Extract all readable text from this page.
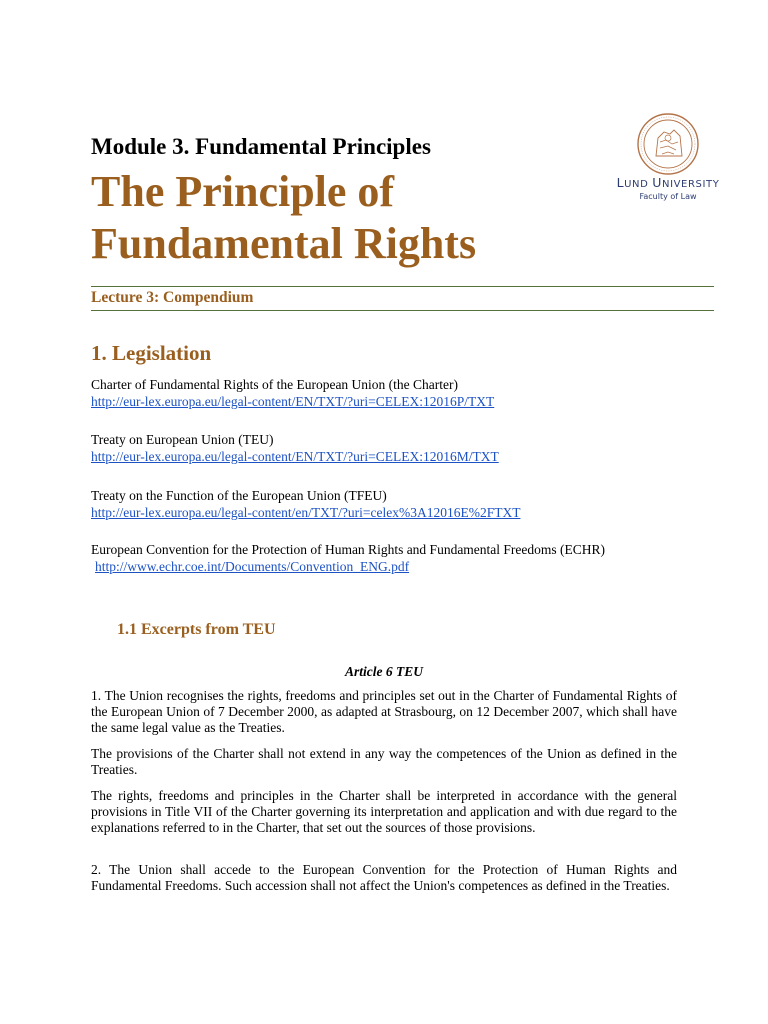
Module 3. Fundamental Principles
The Principle of
Fundamental Rights
LUND UNIVERSITY
Faculty of Law
Lecture 3: Compendium
1. Legislation
Charter of Fundamental Rights of the European Union (the Charter)
http://eur-lex.europa.eu/legal-content/EN/TXT/?uri=CELEX:12016P/TXT
Treaty on European Union (TEU)
http://eur-lex.europa.eu/legal-content/EN/TXT/?uri=CELEX:12016M/TXT
Treaty on the Function of the European Union (TFEU)
http://eur-lex.europa.eu/legal-content/en/TXT/?uri=celex%3A12016E%2FTXT
European Convention for the Protection of Human Rights and Fundamental Freedoms (ECHR)
http://www.echr.coe.int/Documents/Convention_ENG.pdf
1.1 Excerpts from TEU
Article 6 TEU
1. The Union recognises the rights, freedoms and principles set out in the Charter of Fundamental Rights of the European Union of 7 December 2000, as adapted at Strasbourg, on 12 December 2007, which shall have the same legal value as the Treaties.
The provisions of the Charter shall not extend in any way the competences of the Union as defined in the Treaties.
The rights, freedoms and principles in the Charter shall be interpreted in accordance with the general provisions in Title VII of the Charter governing its interpretation and application and with due regard to the explanations referred to in the Charter, that set out the sources of those provisions.
2. The Union shall accede to the European Convention for the Protection of Human Rights and Fundamental Freedoms. Such accession shall not affect the Union's competences as defined in the Treaties.
